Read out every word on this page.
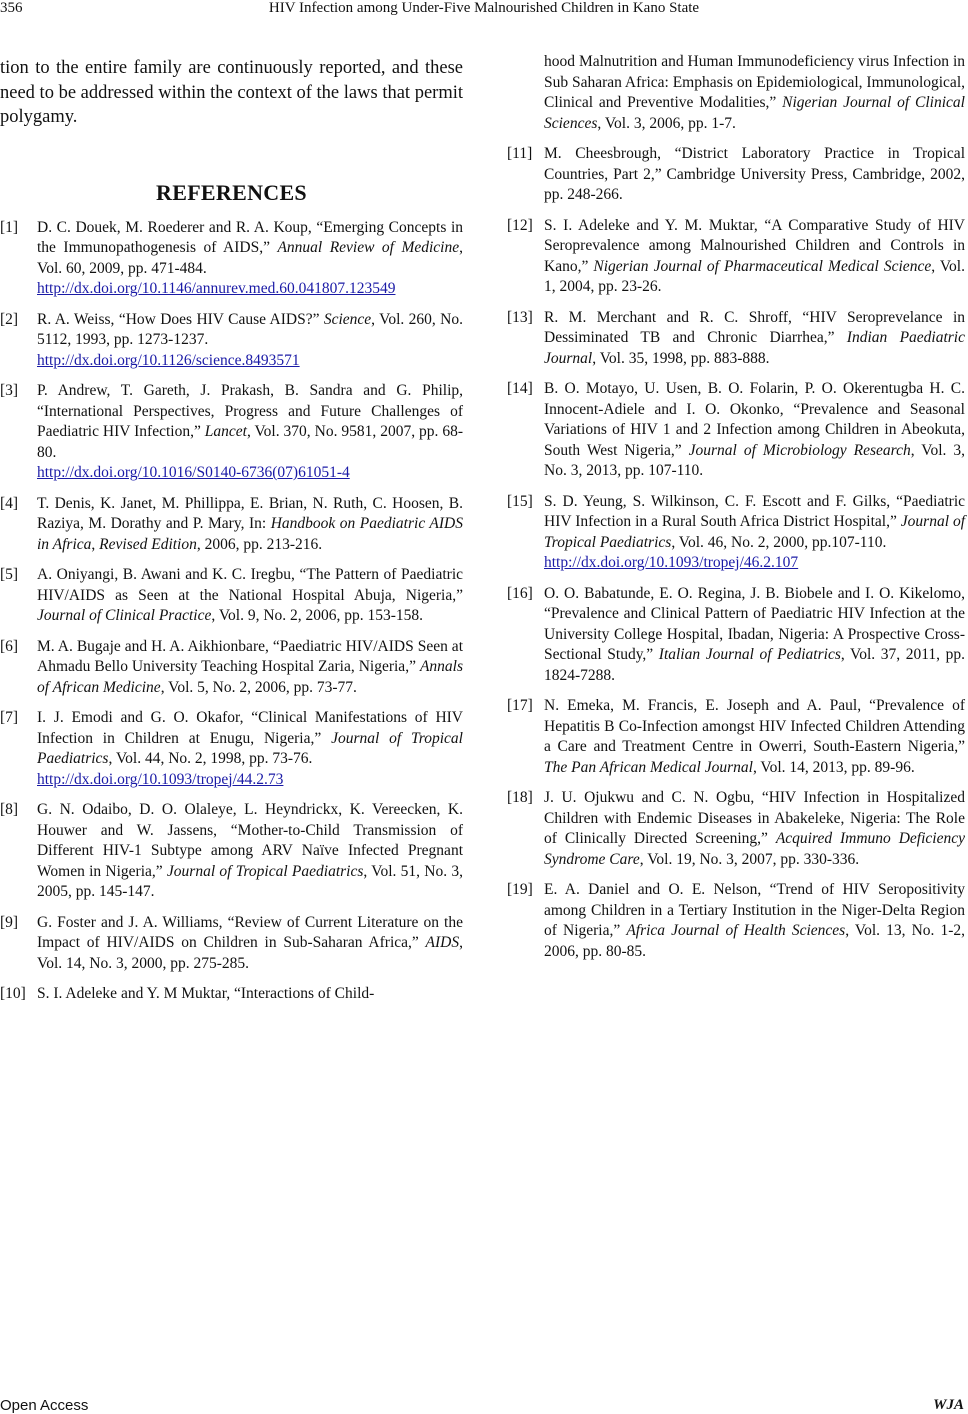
356	HIV Infection among Under-Five Malnourished Children in Kano State

tion to the entire family are continuously reported, and these need to be addressed within the context of the laws that permit polygamy.

REFERENCES
[1] D. C. Douek, M. Roederer and R. A. Koup, “Emerging Concepts in the Immunopathogenesis of AIDS,” Annual Review of Medicine, Vol. 60, 2009, pp. 471-484.
http://dx.doi.org/10.1146/annurev.med.60.041807.123549
[2] R. A. Weiss, “How Does HIV Cause AIDS?” Science, Vol. 260, No. 5112, 1993, pp. 1273-1237.
http://dx.doi.org/10.1126/science.8493571
[3] P. Andrew, T. Gareth, J. Prakash, B. Sandra and G. Philip, “International Perspectives, Progress and Future Challenges of Paediatric HIV Infection,” Lancet, Vol. 370, No. 9581, 2007, pp. 68-80.
http://dx.doi.org/10.1016/S0140-6736(07)61051-4
[4] T. Denis, K. Janet, M. Phillippa, E. Brian, N. Ruth, C. Hoosen, B. Raziya, M. Dorathy and P. Mary, In: Handbook on Paediatric AIDS in Africa, Revised Edition, 2006, pp. 213-216.
[5] A. Oniyangi, B. Awani and K. C. Iregbu, “The Pattern of Paediatric HIV/AIDS as Seen at the National Hospital Abuja, Nigeria,” Journal of Clinical Practice, Vol. 9, No. 2, 2006, pp. 153-158.
[6] M. A. Bugaje and H. A. Aikhionbare, “Paediatric HIV/AIDS Seen at Ahmadu Bello University Teaching Hospital Zaria, Nigeria,” Annals of African Medicine, Vol. 5, No. 2, 2006, pp. 73-77.
[7] I. J. Emodi and G. O. Okafor, “Clinical Manifestations of HIV Infection in Children at Enugu, Nigeria,” Journal of Tropical Paediatrics, Vol. 44, No. 2, 1998, pp. 73-76.
http://dx.doi.org/10.1093/tropej/44.2.73
[8] G. N. Odaibo, D. O. Olaleye, L. Heyndrickx, K. Vereecken, K. Houwer and W. Jassens, “Mother-to-Child Transmission of Different HIV-1 Subtype among ARV Naïve Infected Pregnant Women in Nigeria,” Journal of Tropical Paediatrics, Vol. 51, No. 3, 2005, pp. 145-147.
[9] G. Foster and J. A. Williams, “Review of Current Literature on the Impact of HIV/AIDS on Children in Sub-Saharan Africa,” AIDS, Vol. 14, No. 3, 2000, pp. 275-285.
[10] S. I. Adeleke and Y. M Muktar, “Interactions of Child-
hood Malnutrition and Human Immunodeficiency virus Infection in Sub Saharan Africa: Emphasis on Epidemiological, Immunological, Clinical and Preventive Modalities,” Nigerian Journal of Clinical Sciences, Vol. 3, 2006, pp. 1-7.
[11] M. Cheesbrough, “District Laboratory Practice in Tropical Countries, Part 2,” Cambridge University Press, Cambridge, 2002, pp. 248-266.
[12] S. I. Adeleke and Y. M. Muktar, “A Comparative Study of HIV Seroprevalence among Malnourished Children and Controls in Kano,” Nigerian Journal of Pharmaceutical Medical Science, Vol. 1, 2004, pp. 23-26.
[13] R. M. Merchant and R. C. Shroff, “HIV Seroprevelance in Dessiminated TB and Chronic Diarrhea,” Indian Paediatric Journal, Vol. 35, 1998, pp. 883-888.
[14] B. O. Motayo, U. Usen, B. O. Folarin, P. O. Okerentugba H. C. Innocent-Adiele and I. O. Okonko, “Prevalence and Seasonal Variations of HIV 1 and 2 Infection among Children in Abeokuta, South West Nigeria,” Journal of Microbiology Research, Vol. 3, No. 3, 2013, pp. 107-110.
[15] S. D. Yeung, S. Wilkinson, C. F. Escott and F. Gilks, “Paediatric HIV Infection in a Rural South Africa District Hospital,” Journal of Tropical Paediatrics, Vol. 46, No. 2, 2000, pp.107-110.
http://dx.doi.org/10.1093/tropej/46.2.107
[16] O. O. Babatunde, E. O. Regina, J. B. Biobele and I. O. Kikelomo, “Prevalence and Clinical Pattern of Paediatric HIV Infection at the University College Hospital, Ibadan, Nigeria: A Prospective Cross-Sectional Study,” Italian Journal of Pediatrics, Vol. 37, 2011, pp. 1824-7288.
[17] N. Emeka, M. Francis, E. Joseph and A. Paul, “Prevalence of Hepatitis B Co-Infection amongst HIV Infected Children Attending a Care and Treatment Centre in Owerri, South-Eastern Nigeria,” The Pan African Medical Journal, Vol. 14, 2013, pp. 89-96.
[18] J. U. Ojukwu and C. N. Ogbu, “HIV Infection in Hospitalized Children with Endemic Diseases in Abakeleke, Nigeria: The Role of Clinically Directed Screening,” Acquired Immuno Deficiency Syndrome Care, Vol. 19, No. 3, 2007, pp. 330-336.
[19] E. A. Daniel and O. E. Nelson, “Trend of HIV Seropositivity among Children in a Tertiary Institution in the Niger-Delta Region of Nigeria,” Africa Journal of Health Sciences, Vol. 13, No. 1-2, 2006, pp. 80-85.
Open Access	WJA
